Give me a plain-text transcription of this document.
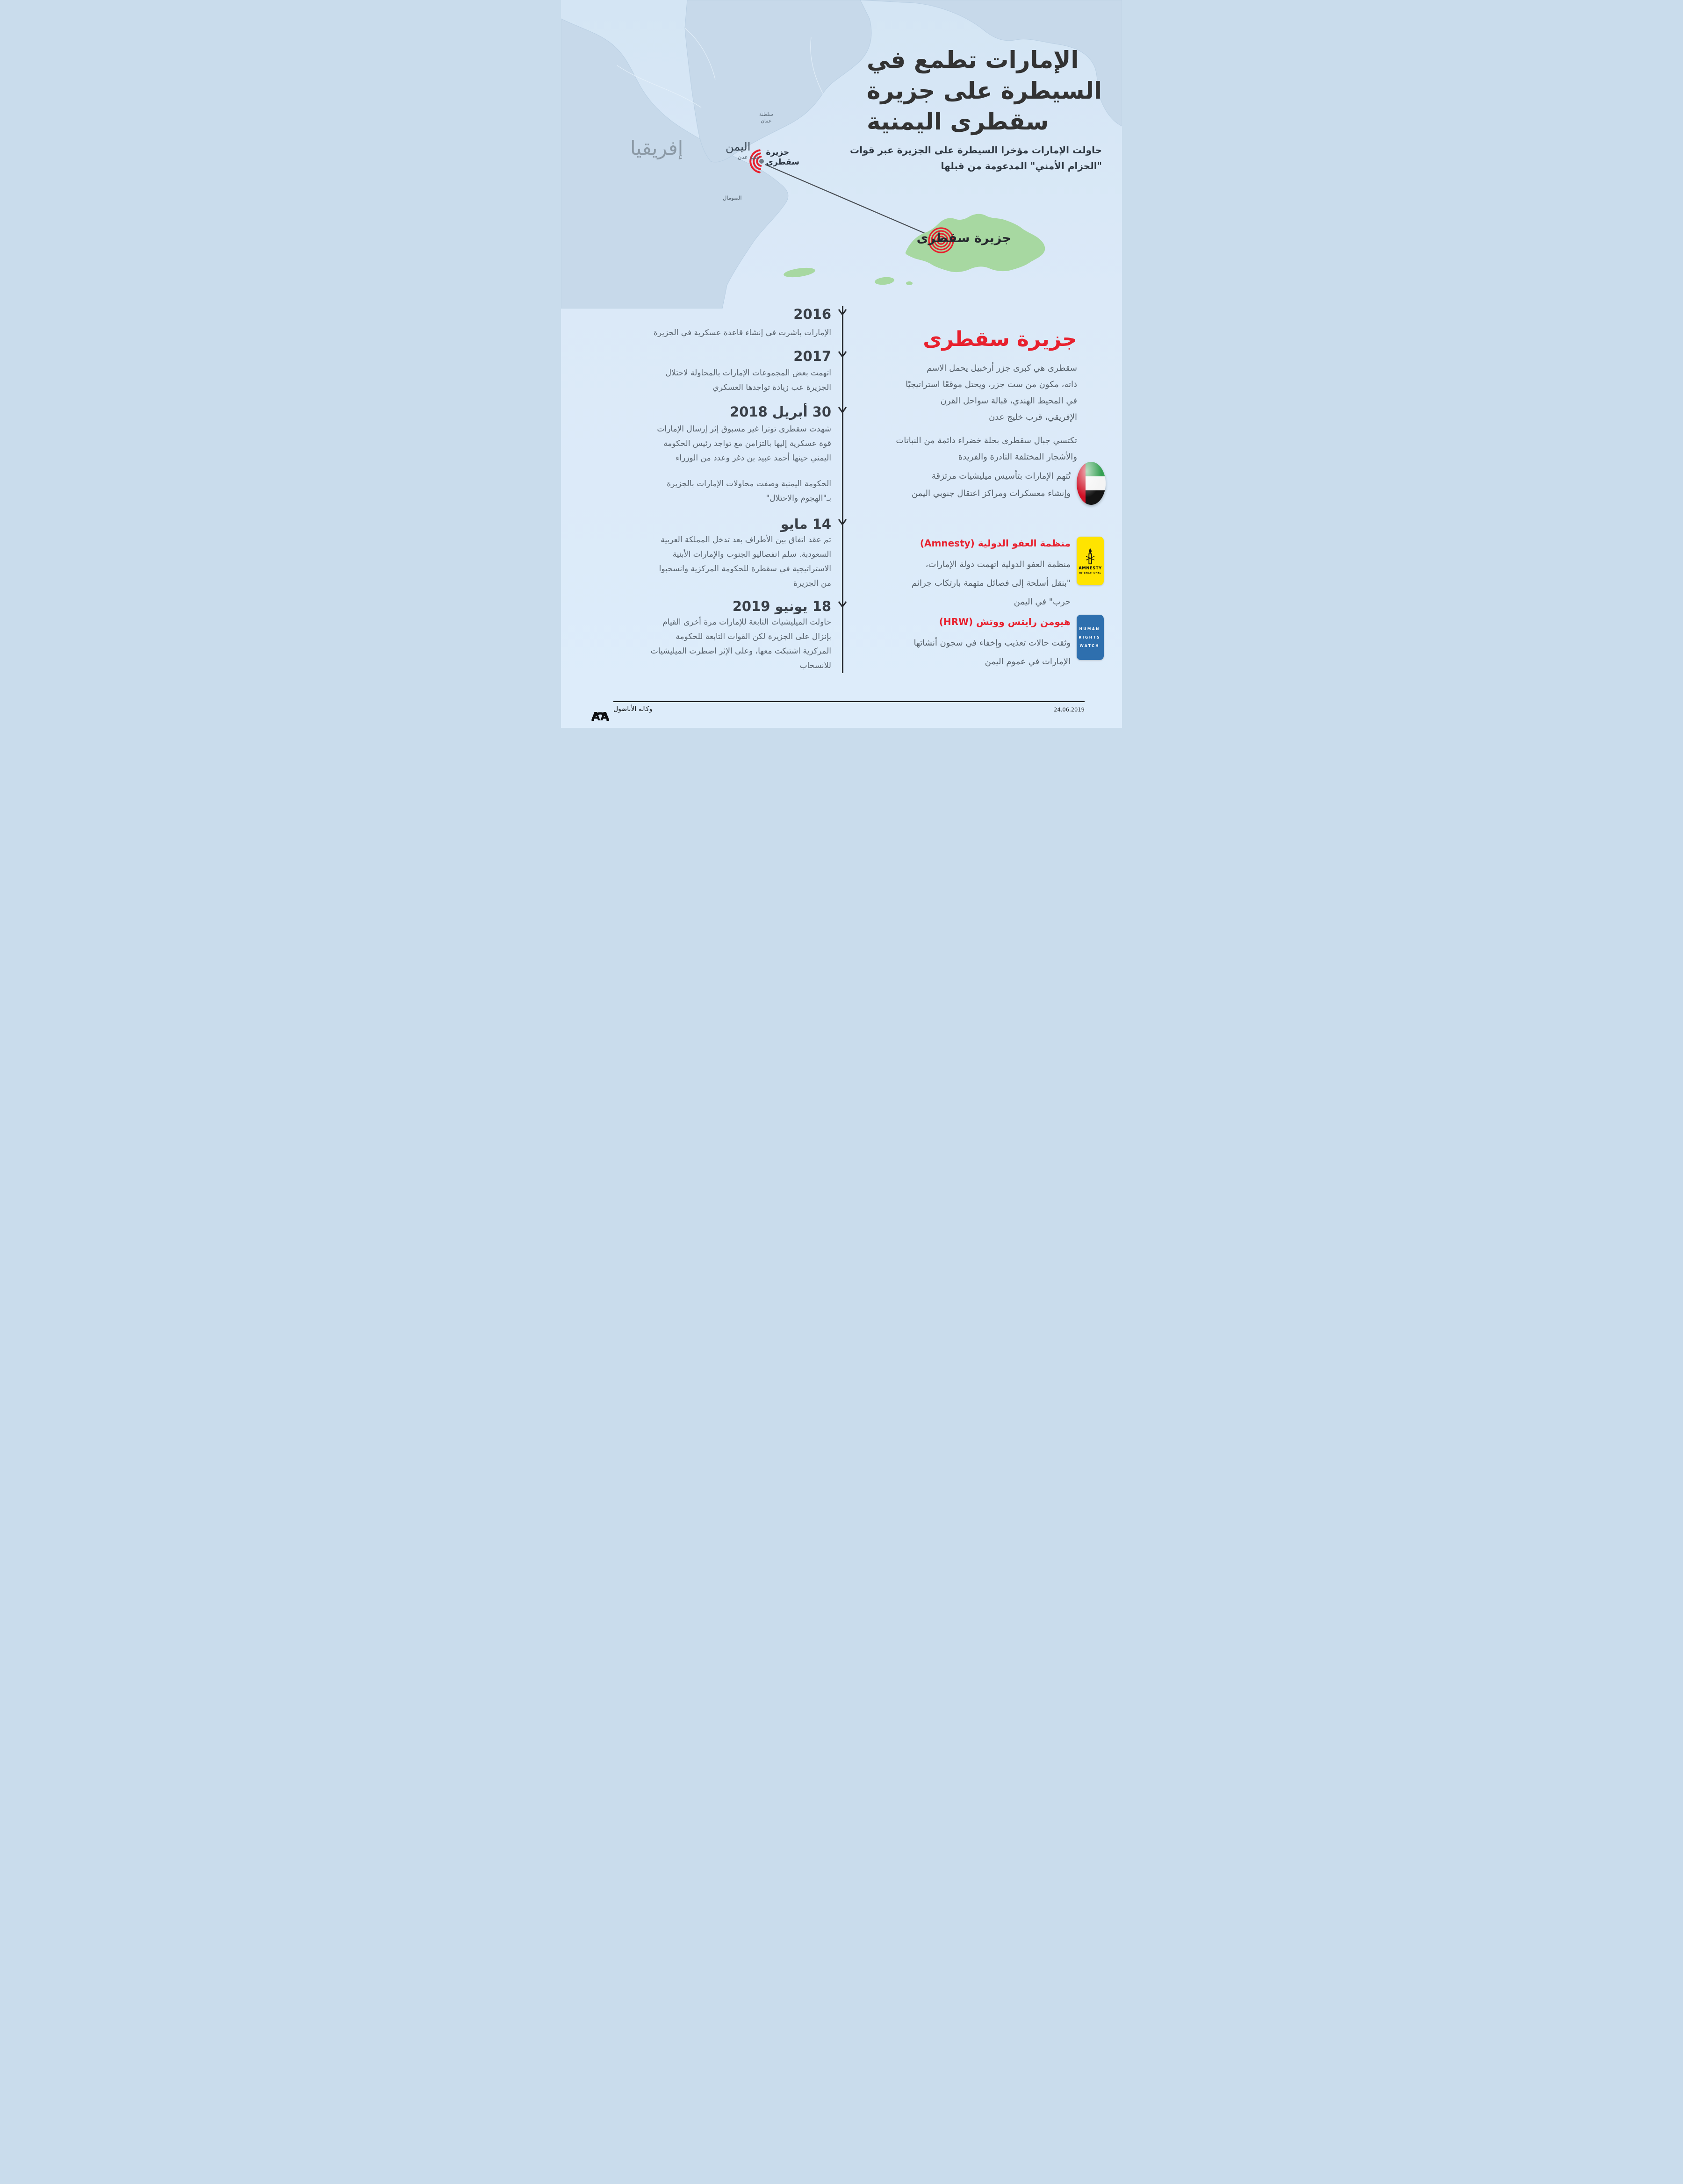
إفريقيا	اليمن
سلطنة
عمان
خليج عدن
الصومال
جزيرة
سقطرى
جزيرة سقطرى
الإمارات تطمع في
السيطرة على جزيرة
سقطرى اليمنية
حاولت الإمارات مؤخرا السيطرة على الجزيرة عبر قوات
"الحزام الأمني" المدعومة من قبلها
2016
الإمارات باشرت في إنشاء قاعدة عسكرية في الجزيرة
2017
اتهمت بعض المجموعات الإمارات بالمحاولة لاحتلال
الجزيرة عب زيادة تواجدها العسكري
30 أبريل 2018
شهدت سقطرى توترا غير مسبوق إثر إرسال الإمارات
قوة عسكرية إليها بالتزامن مع تواجد رئيس الحكومة
اليمني حينها أحمد عبيد بن دغر وعدد من الوزراء
الحكومة اليمنية وصفت محاولات الإمارات بالجزيرة
بـ"الهجوم والاحتلال"
14 مايو
تم عقد اتفاق بين الأطراف بعد تدخل المملكة العربية
السعودبة. سلم انفصاليو الجنوب والإمارات الأبنية
الاستراتيجية في سقطرة للحكومة المركزية وانسحبوا
من الجزيرة
18 يونيو 2019
حاولت الميليشيات التابعة للإمارات مرة أخرى القيام
بإنزال على الجزيرة لكن القوات التابعة للحكومة
المركزية اشتبكت معها، وعلى الإثر اضطرت الميليشيات
للانسحاب
جزيرة سقطرى
سقطرى هي كبرى جزر أرخبيل يحمل الاسم
ذاته، مكون من ست جزر، ويحتل موقعًا استراتيجيًا
في المحيط الهندي، قبالة سواحل القرن
الإفريقي، قرب خليج عدن
تكتسي جبال سقطرى بحلة خضراء دائمة من النباتات
والأشجار المختلفة النادرة والفريدة
تُتهم الإمارات بتأسيس ميليشيات مرتزقة
وإنشاء معسكرات ومراكز اعتقال جنوبي اليمن
منظمة العفو الدولية (Amnesty)
منظمة العفو الدولية اتهمت دولة الإمارات،
"بنقل أسلحة إلى فصائل متهمة بارتكاب جرائم
حرب" في اليمن
AMNESTY
INTERNATIONAL
هيومن رايتس ووتش (HRW)
وثقت حالات تعذيب وإخفاء في سجون أنشاتها
الإمارات في عموم اليمن
HUMAN
RIGHTS
WATCH
AA
وكالة الأناضول	24.06.2019
